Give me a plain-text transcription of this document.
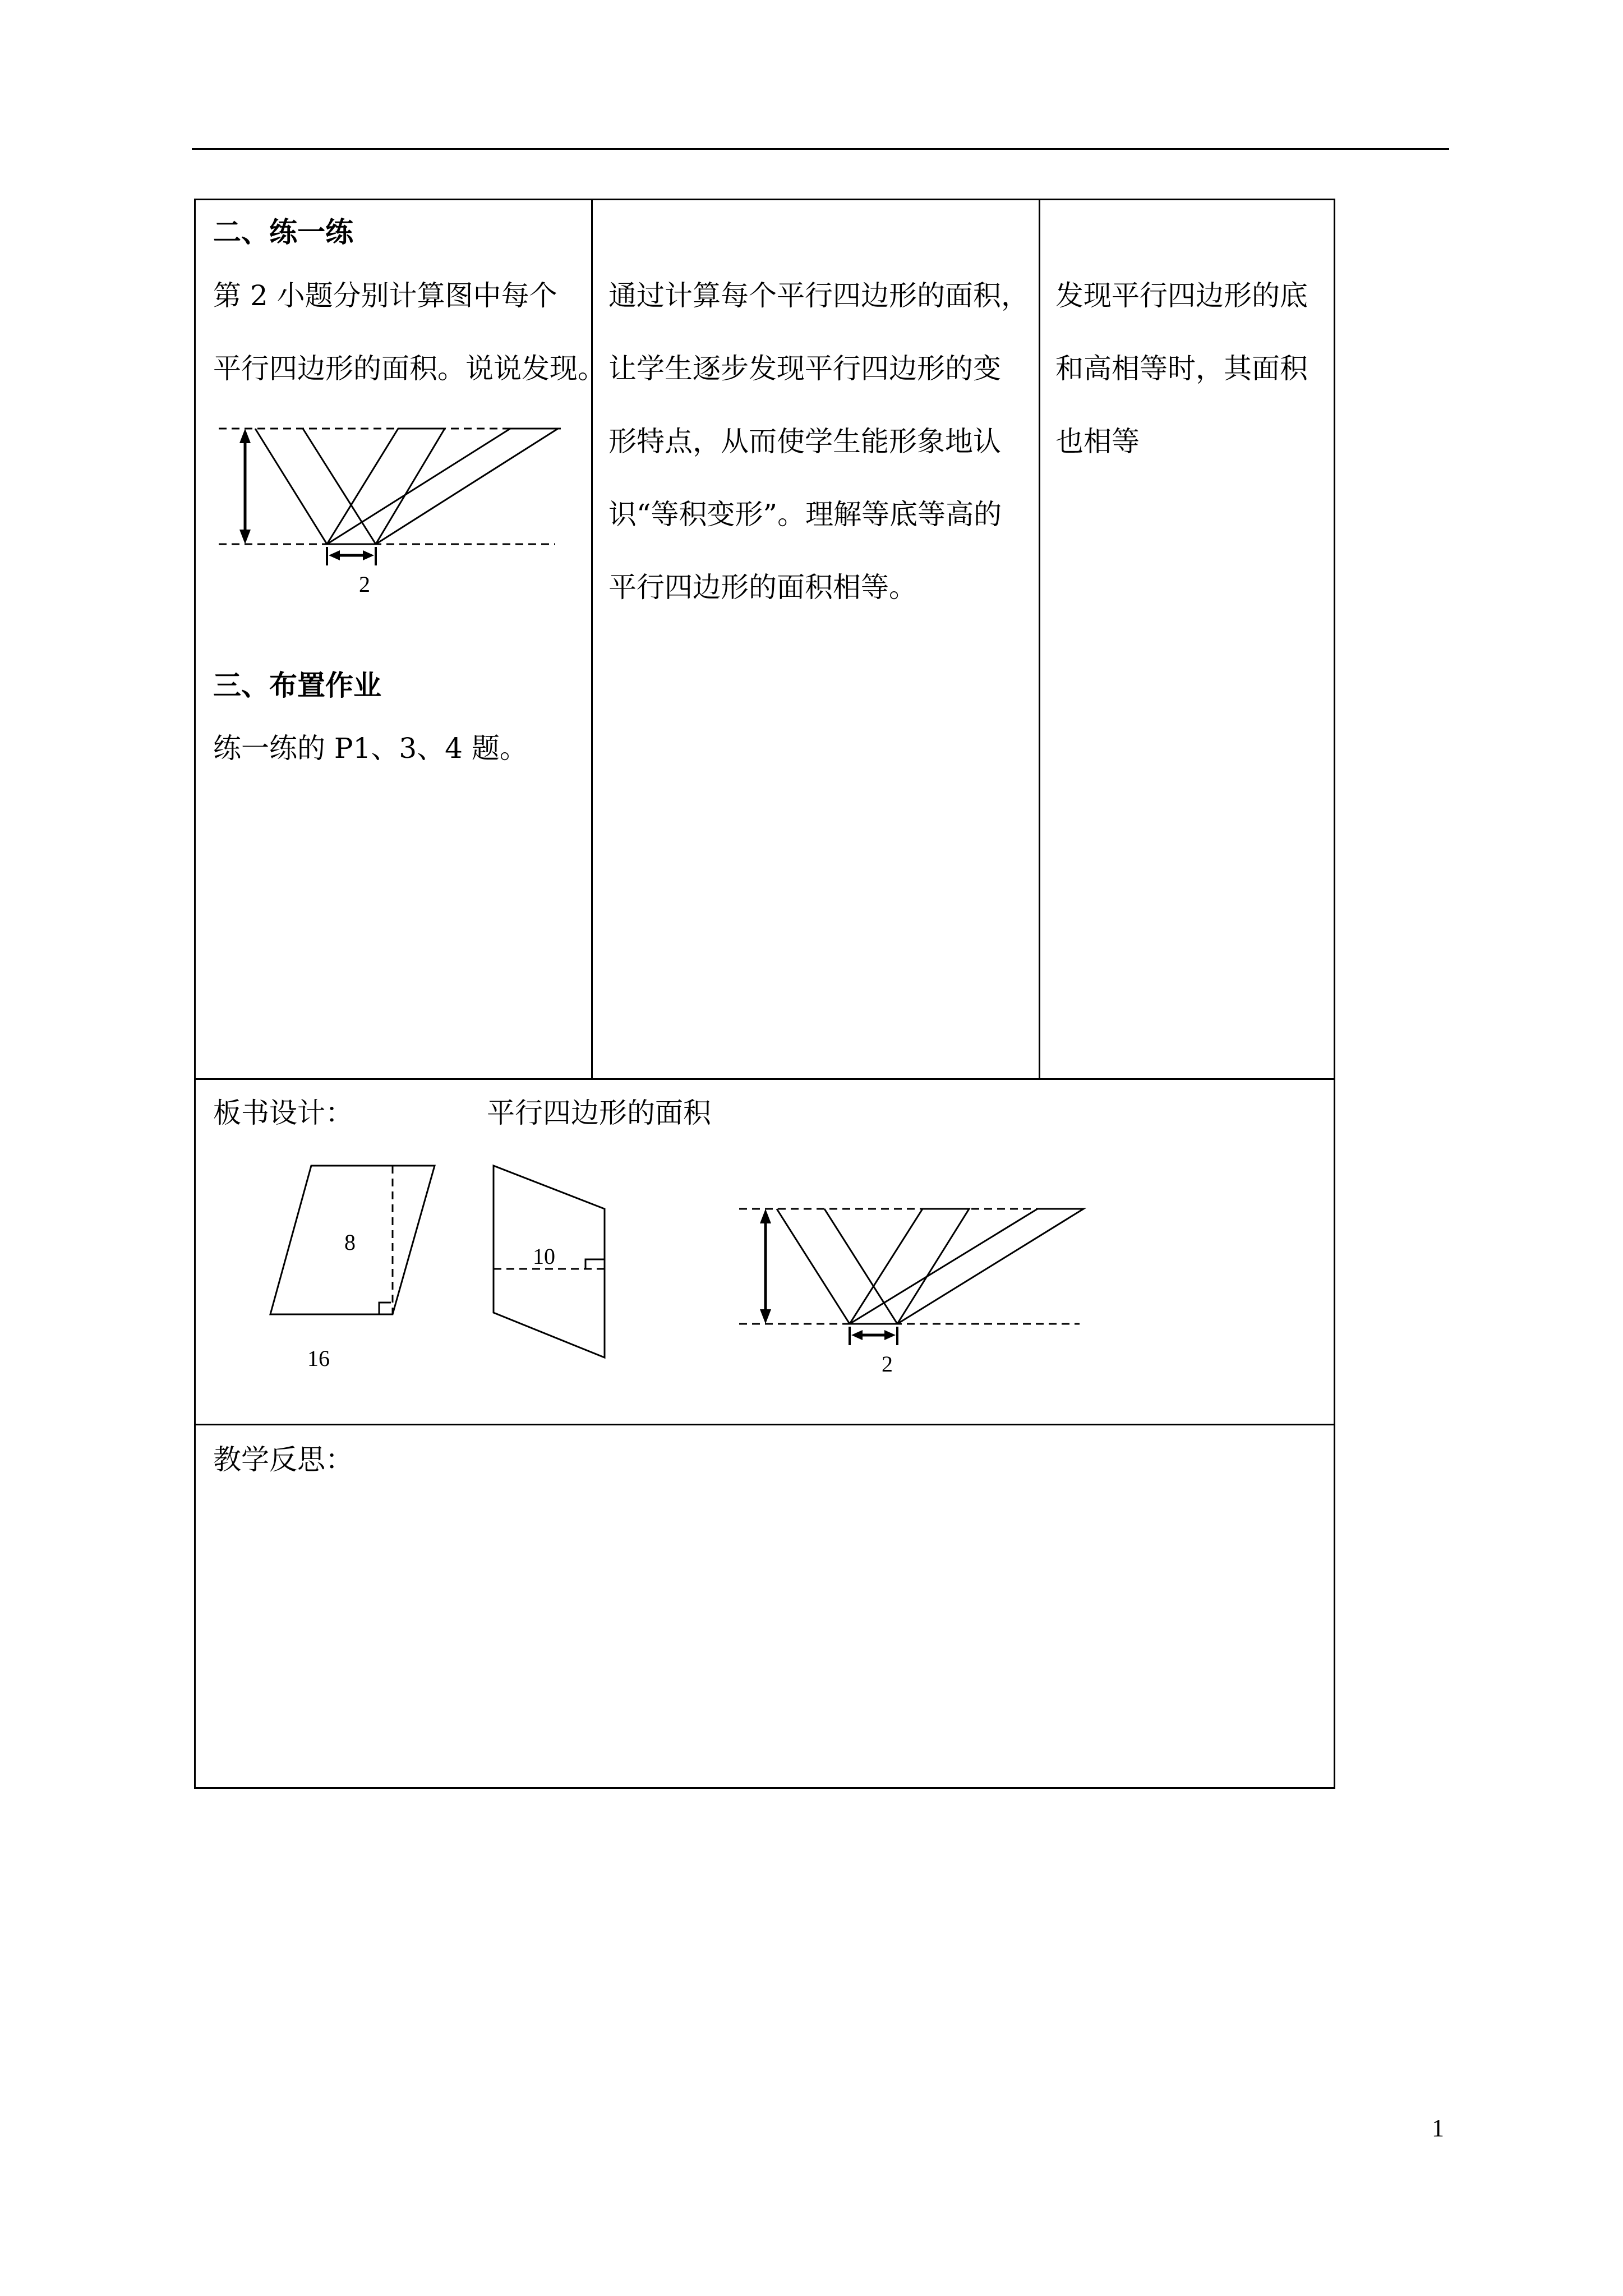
二、练一练
第 2 小题分别计算图中每个
平行四边形的面积。说说发现。
2
三、布置作业
练一练的 P1、3、4 题。
通过计算每个平行四边形的面积，
让学生逐步发现平行四边形的变
形特点，从而使学生能形象地认
识“等积变形”。理解等底等高的
平行四边形的面积相等。
发现平行四边形的底
和高相等时，其面积
也相等
板书设计：	平行四边形的面积
8
16
10
2
教学反思：
1
